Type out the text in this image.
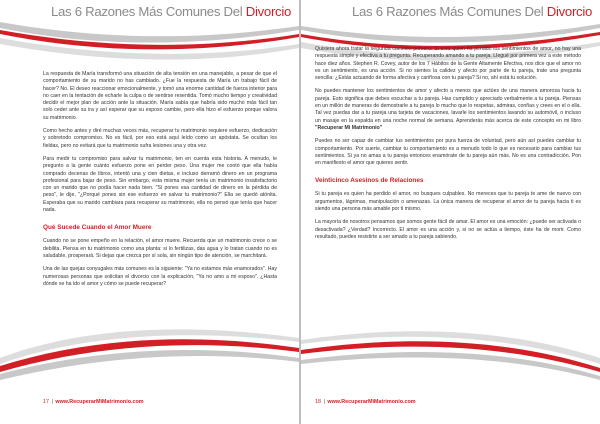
Las 6 Razones Más Comunes Del Divorcio

La respuesta de María transformó una situación de alta tensión en una manejable, a pesar de que el comportamiento de su marido no has cambiado. ¿Fue la respuesta de María un trabajo fácil de hacer? No. El deseo reaccionar emocionalmente, y tomó una enorme cantidad de fuerza interior para no caer en la tentación de echarle la culpa o de sentirse resentida. Tomó mucho tiempo y creatividad decidir el mejor plan de acción ante la situación. María sabía que habría sido mucho más fácil tan solo ceder ante su ira y así esperar que su esposo cambie, pero ella hizo el esfuerzo porque valora su matrimonio.

Como hecho antes y diré muchas veces más, recuperar tu matrimonio requiere esfuerzo, dedicación y sobretodo compromiso. No es fácil, por eso está aquí leído como un apóstata. Se ocultan los fieldas, pero no evitará que tu matrimonio sufra lesiones una y otra vez.

Para medir tu compromiso para salvar tu matrimonio, ten en cuenta esta historia. A menudo, le pregunto a la gente cuánto esfuerzo pone en perder peso. Una mujer me contó que ella había comprado decenas de libros, intentó una y cien dietas, e incluso derramó dinero en un programa profesional para bajar de peso. Sin embargo, esta misma mujer tenía un matrimonio insatisfactorio con un marido que no podía hacer nada bien. "Sí pones esa cantidad de dinero en la pérdida de peso", le dije, "¿Porqué pones sin ese esfuerzo en salvar tu matrimonio?" Ella se quedó atónita. Esperaba que su marido cambiara para recuperar su matrimonio, ella no pensó que tenía que hacer nada.

Qué Sucede Cuando el Amor Muere

Cuando no se pone empeño en la relación, el amor muere. Recuerda que un matrimonio crece o se debilita. Piensa en tu matrimonio como una planta: si lo fertilizas, das agua y lo tratan cuando no es saludable, prosperará. Si dejas que crezca por sí sola, sin ningún tipo de atención, se marchitará.

Una de las quejas conyugales más comunes es la siguiente: "Ya no estamos más enamorados". Hay numerosas personas que solicitan el divorcio con la explicación, "Ya no amo a mi esposo". ¿Hasta dónde se ha ido el amor y cómo se puede recuperar?

17 | www.RecuperarMiMatrimonio.com
Las 6 Razones Más Comunes Del Divorcio

Quisiera ahora tratar la segunda cuestión primero. Si eres quien ha perdido los sentimientos de amor, no hay una respuesta simple y efectiva a tu pregunta. Recuperando amando a tu pareja. Llegué por primera vez a este método hace diez años. Stephen R. Covey, autor de los 7 Hábitos de la Gente Altamente Efectiva, nos dice que el amor no es un sentimiento, es una acción. Si no sientes la calidez y afecto por parte de tu pareja, trate una pregunta sencilla: ¿Estás actuando de forma afectiva y cariñosa con tu pareja? Si no, ahí está tu solución.

No puedes mantener los sentimientos de amor y afecto a menos que actúes de una manera amorosa hacia tu pareja. Esto significa que debes escuchar a tu pareja. Has cumplido y apreciado verbalmente a tu pareja. Piensas en un millón de maneras de demostrarle a tu pareja lo mucho que lo respetas, admiras, confías y crees en el o ella. Tal vez puedas dar a tu pareja una tarjeta de vacaciones, lavarle los sentimientos lavando su automóvil, o incluso un masaje en la espalda en una noche normal de semana. Aprenderás más acerca de este concepto en mi libro "Recuperar Mi Matrimonio"

Puedes no ser capaz de cambiar tus sentimientos por pura fuerza de voluntad, pero aún así puedes cambiar tu comportamiento. Por suerte, cambiar tu comportamiento es a menudo todo lo que es necesario para cambiar tus sentimientos. Si ya no amas a tu pareja entonces enamórate de tu pareja aún más. No es una contradicción. Pon en manifiesto el amor que quieres sentir.

Veinticinco Asesinos de Relaciones

Si tu pareja es quien ha perdido el amor, no busques culpables. No mereces que tu pareja te ame de nuevo con argumentos, lágrimas, manipulación o amenazas. La única manera de recuperar el amor de tu pareja hacia ti es siendo una persona más amable por ti mismo.

La mayoría de nosotros pensamos que somos gente fácil de amar. El amor es una emoción: ¿puede ser activada o desactivada? ¿Verdad? Incorrecto. El amor es una acción y, si no se actúa a tiempo, éste ha de morir. Como resultado, puedes resistirte a ser amado a tu pareja sabiendo.

18 | www.RecuperarMiMatrimonio.com
